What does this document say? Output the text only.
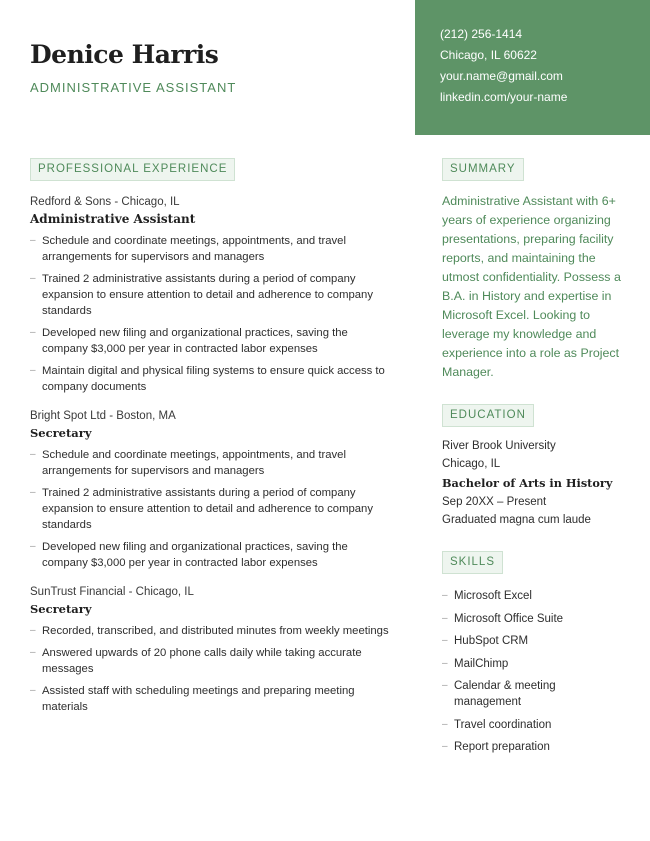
Denice Harris
ADMINISTRATIVE ASSISTANT
(212) 256-1414
Chicago, IL 60622
your.name@gmail.com
linkedin.com/your-name
PROFESSIONAL EXPERIENCE
Redford & Sons - Chicago, IL
Administrative Assistant
– Schedule and coordinate meetings, appointments, and travel arrangements for supervisors and managers
– Trained 2 administrative assistants during a period of company expansion to ensure attention to detail and adherence to company standards
– Developed new filing and organizational practices, saving the company $3,000 per year in contracted labor expenses
– Maintain digital and physical filing systems to ensure quick access to company documents
Bright Spot Ltd - Boston, MA
Secretary
– Schedule and coordinate meetings, appointments, and travel arrangements for supervisors and managers
– Trained 2 administrative assistants during a period of company expansion to ensure attention to detail and adherence to company standards
– Developed new filing and organizational practices, saving the company $3,000 per year in contracted labor expenses
SunTrust Financial - Chicago, IL
Secretary
– Recorded, transcribed, and distributed minutes from weekly meetings
– Answered upwards of 20 phone calls daily while taking accurate messages
– Assisted staff with scheduling meetings and preparing meeting materials
SUMMARY
Administrative Assistant with 6+ years of experience organizing presentations, preparing facility reports, and maintaining the utmost confidentiality. Possess a B.A. in History and expertise in Microsoft Excel. Looking to leverage my knowledge and experience into a role as Project Manager.
EDUCATION
River Brook University
Chicago, IL
Bachelor of Arts in History
Sep 20XX – Present
Graduated magna cum laude
SKILLS
– Microsoft Excel
– Microsoft Office Suite
– HubSpot CRM
– MailChimp
– Calendar & meeting management
– Travel coordination
– Report preparation
